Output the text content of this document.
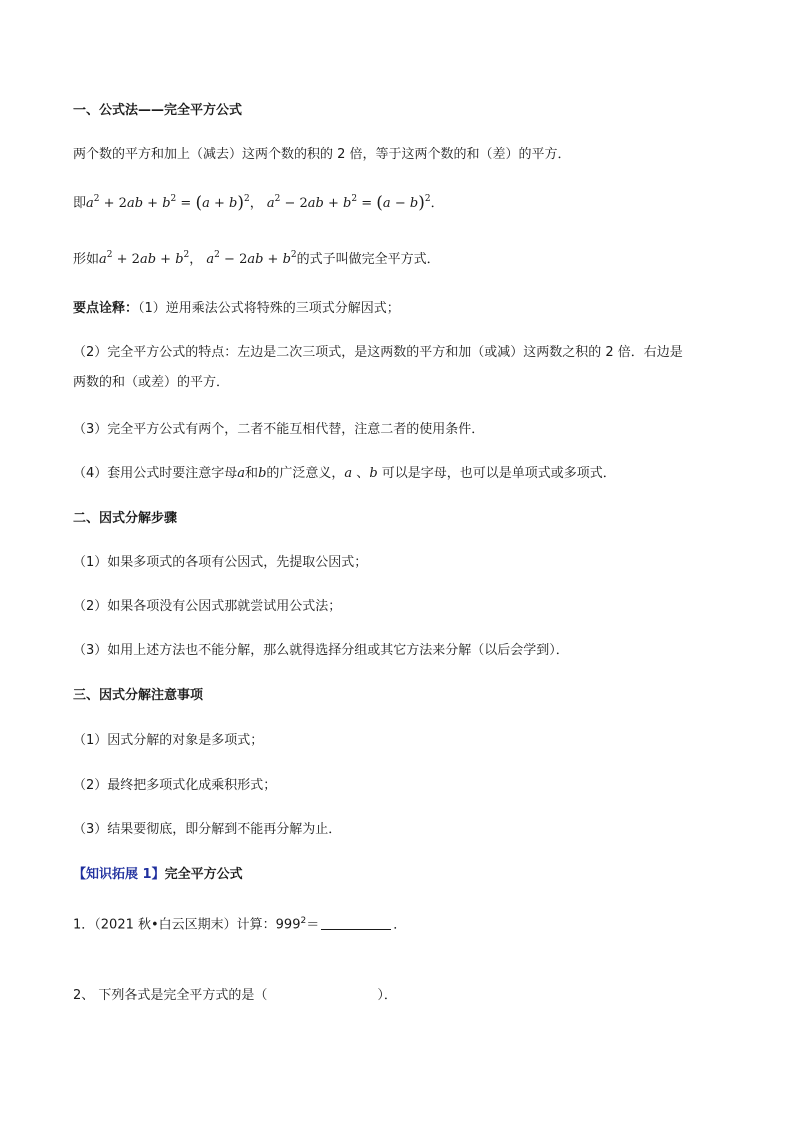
一、公式法——完全平方公式
两个数的平方和加上（减去）这两个数的积的 2 倍，等于这两个数的和（差）的平方．
即$a^2 + 2ab + b^2 = (a + b)^2$， $a^2 - 2ab + b^2 = (a - b)^2$．
形如$a^2 + 2ab + b^2$， $a^2 - 2ab + b^2$的式子叫做完全平方式．
要点诠释：（1）逆用乘法公式将特殊的三项式分解因式；
（2）完全平方公式的特点：左边是二次三项式，是这两数的平方和加（或减）这两数之积的 2 倍．右边是
两数的和（或差）的平方．
（3）完全平方公式有两个，二者不能互相代替，注意二者的使用条件．
（4）套用公式时要注意字母a和b的广泛意义，a 、b 可以是字母，也可以是单项式或多项式．
二、因式分解步骤
（1）如果多项式的各项有公因式，先提取公因式；
（2）如果各项没有公因式那就尝试用公式法；
（3）如用上述方法也不能分解，那么就得选择分组或其它方法来分解（以后会学到）．
三、因式分解注意事项
（1）因式分解的对象是多项式；
（2）最终把多项式化成乘积形式；
（3）结果要彻底，即分解到不能再分解为止．
【知识拓展 1】完全平方公式
1．（2021 秋•白云区期末）计算：$999^2=$	．
2、 下列各式是完全平方式的是（	）．
